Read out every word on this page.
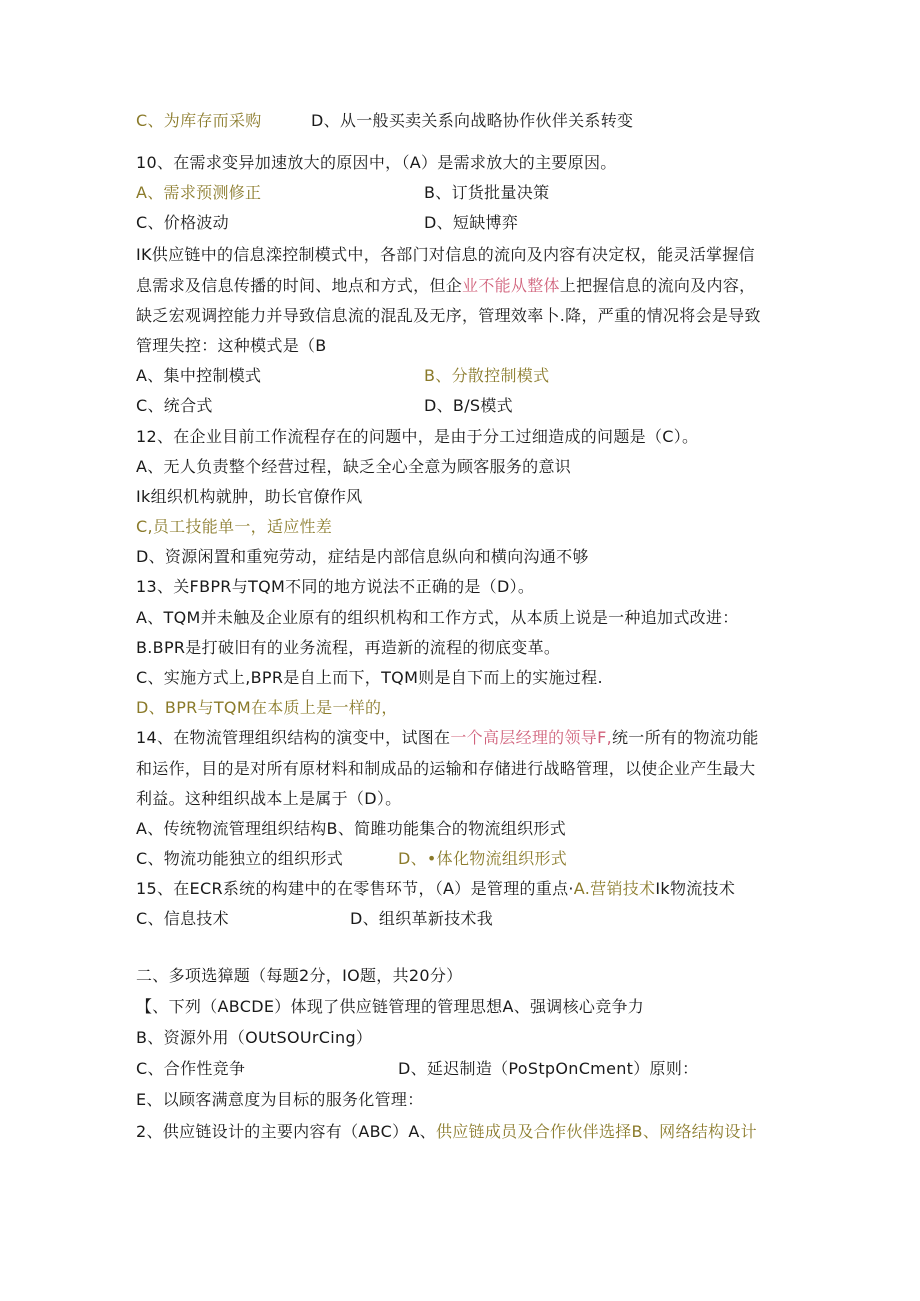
C、为库存而采购	D、从一般买卖关系向战略协作伙伴关系转变
10、在需求变异加速放大的原因中，（A）是需求放大的主要原因。
A、需求预测修正	B、订货批量决策
C、价格波动	D、短缺博弈
IK供应链中的信息滦控制模式中，各部门对信息的流向及内容有决定权，能灵活掌握信
息需求及信息传播的时间、地点和方式，但企业不能从整体上把握信息的流向及内容，
缺乏宏观调控能力并导致信息流的混乱及无序，管理效率卜.降，严重的情况将会是导致
管理失控：这种模式是（B
A、集中控制模式	B、分散控制模式
C、统合式	D、B/S模式
12、在企业目前工作流程存在的问题中，是由于分工过细造成的问题是（C）。
A、无人负责整个经营过程，缺乏全心全意为顾客服务的意识
Ik组织机构就肿，助长官僚作风
C,员工技能单一，适应性差
D、资源闲置和重宛劳动，症结是内部信息纵向和横向沟通不够
13、关FBPR与TQM不同的地方说法不正确的是（D）。
A、TQM并未触及企业原有的组织机构和工作方式，从本质上说是一种追加式改进：
B.BPR是打破旧有的业务流程，再造新的流程的彻底变革。
C、实施方式上,BPR是自上而下，TQM则是自下而上的实施过程.
D、BPR与TQM在本质上是一样的，
14、在物流管理组织结构的演变中，试图在一个高层经理的领导F,统一所有的物流功能
和运作，目的是对所有原材料和制成品的运输和存储进行战略管理，以使企业产生最大
利益。这种组织战本上是属于（D）。
A、传统物流管理组织结构B、简雎功能集合的物流组织形式
C、物流功能独立的组织形式	D、•体化物流组织形式
15、在ECR系统的构建中的在零售环节，（A）是管理的重点·A.营销技术Ik物流技术
C、信息技术	D、组织革新技术我
二、多项选獐题（每题2分，IO题，共20分）
【、下列（ABCDE）体现了供应链管理的管理思想A、强调核心竞争力
B、资源外用（OUtSOUrCing）
C、合作性竞争	D、延迟制造（PoStpOnCment）原则：
E、以顾客满意度为目标的服务化管理：
2、供应链设计的主要内容有（ABC）A、供应链成员及合作伙伴选择B、网络结构设计
